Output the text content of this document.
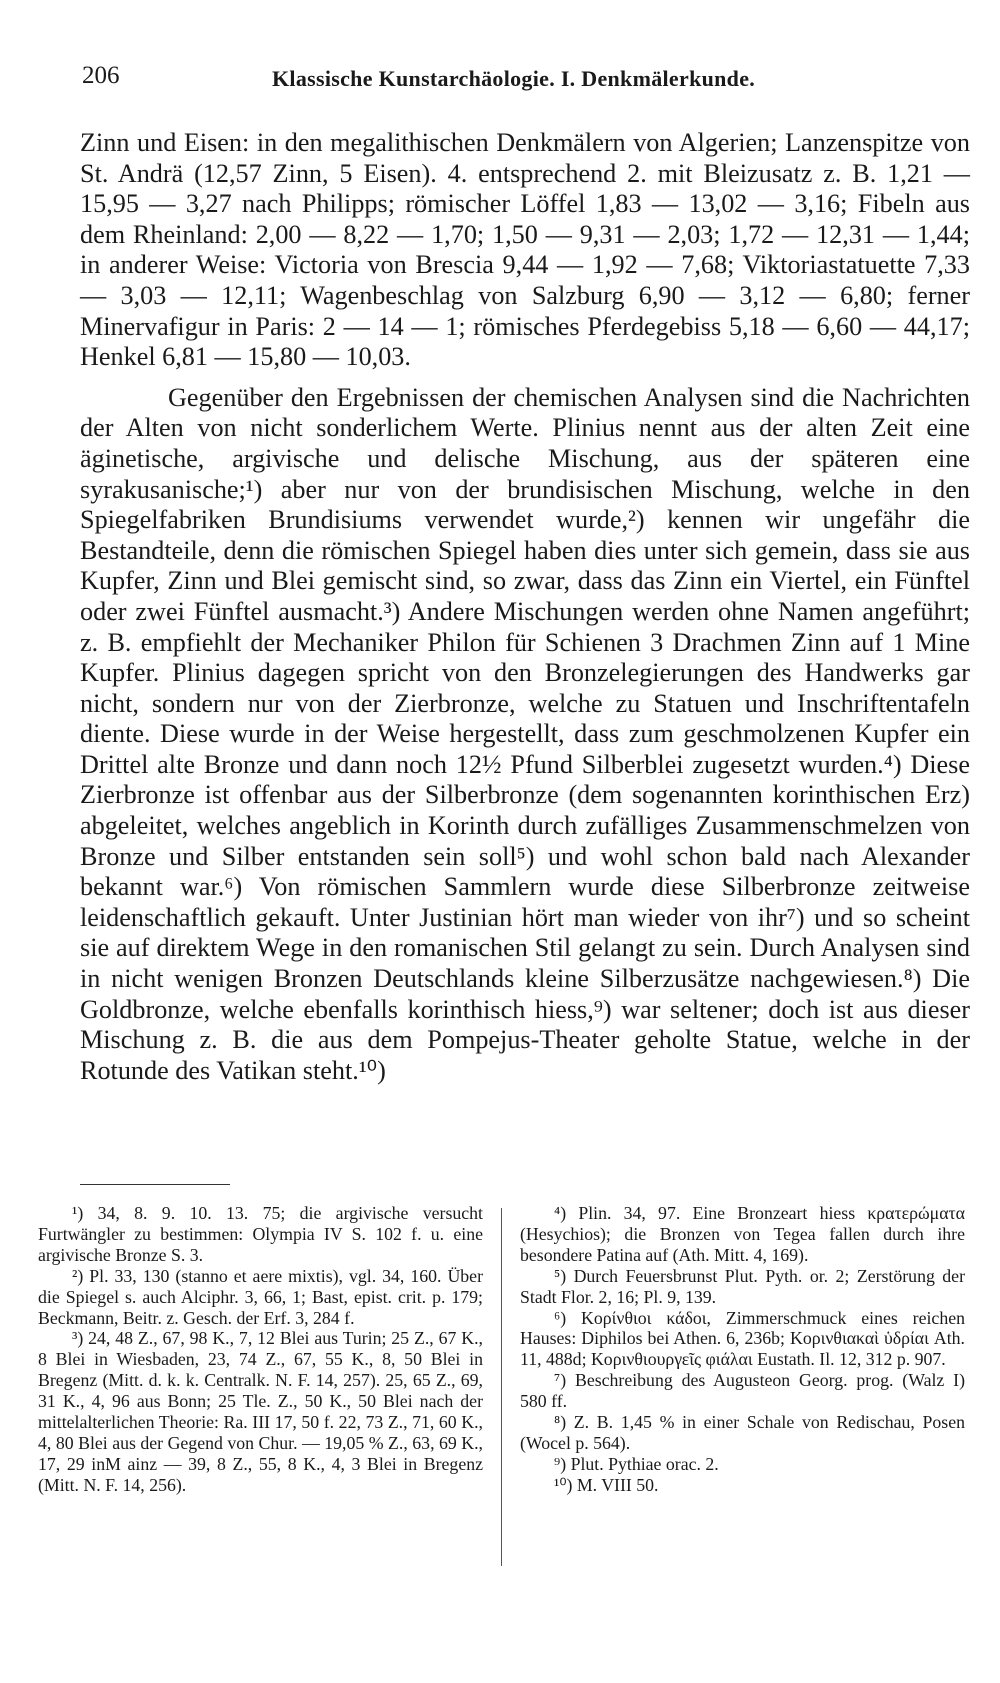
206	Klassische Kunstarchäologie. I. Denkmälerkunde.

Zinn und Eisen: in den megalithischen Denkmälern von Algerien; Lanzenspitze von St. Andrä (12,57 Zinn, 5 Eisen). 4. entsprechend 2. mit Bleizusatz z. B. 1,21 — 15,95 — 3,27 nach Philipps; römischer Löffel 1,83 — 13,02 — 3,16; Fibeln aus dem Rheinland: 2,00 — 8,22 — 1,70; 1,50 — 9,31 — 2,03; 1,72 — 12,31 — 1,44; in anderer Weise: Victoria von Brescia 9,44 — 1,92 — 7,68; Viktoriastatuette 7,33 — 3,03 — 12,11; Wagenbeschlag von Salzburg 6,90 — 3,12 — 6,80; ferner Minervafigur in Paris: 2 — 14 — 1; römisches Pferdegebiss 5,18 — 6,60 — 44,17; Henkel 6,81 — 15,80 — 10,03.

Gegenüber den Ergebnissen der chemischen Analysen sind die Nachrichten der Alten von nicht sonderlichem Werte. Plinius nennt aus der alten Zeit eine äginetische, argivische und delische Mischung, aus der späteren eine syrakusanische;¹) aber nur von der brundisischen Mischung, welche in den Spiegelfabriken Brundisiums verwendet wurde,²) kennen wir ungefähr die Bestandteile, denn die römischen Spiegel haben dies unter sich gemein, dass sie aus Kupfer, Zinn und Blei gemischt sind, so zwar, dass das Zinn ein Viertel, ein Fünftel oder zwei Fünftel ausmacht.³) Andere Mischungen werden ohne Namen angeführt; z. B. empfiehlt der Mechaniker Philon für Schienen 3 Drachmen Zinn auf 1 Mine Kupfer. Plinius dagegen spricht von den Bronzelegierungen des Handwerks gar nicht, sondern nur von der Zierbronze, welche zu Statuen und Inschriftentafeln diente. Diese wurde in der Weise hergestellt, dass zum geschmolzenen Kupfer ein Drittel alte Bronze und dann noch 12½ Pfund Silberblei zugesetzt wurden.⁴) Diese Zierbronze ist offenbar aus der Silberbronze (dem sogenannten korinthischen Erz) abgeleitet, welches angeblich in Korinth durch zufälliges Zusammenschmelzen von Bronze und Silber entstanden sein soll⁵) und wohl schon bald nach Alexander bekannt war.⁶) Von römischen Sammlern wurde diese Silberbronze zeitweise leidenschaftlich gekauft. Unter Justinian hört man wieder von ihr⁷) und so scheint sie auf direktem Wege in den romanischen Stil gelangt zu sein. Durch Analysen sind in nicht wenigen Bronzen Deutschlands kleine Silberzusätze nachgewiesen.⁸) Die Goldbronze, welche ebenfalls korinthisch hiess,⁹) war seltener; doch ist aus dieser Mischung z. B. die aus dem Pompejus-Theater geholte Statue, welche in der Rotunde des Vatikan steht.¹⁰)

¹) 34, 8. 9. 10. 13. 75; die argivische versucht Furtwängler zu bestimmen: Olympia IV S. 102 f. u. eine argivische Bronze S. 3.

²) Pl. 33, 130 (stanno et aere mixtis), vgl. 34, 160. Über die Spiegel s. auch Alciphr. 3, 66, 1; Bast, epist. crit. p. 179; Beckmann, Beitr. z. Gesch. der Erf. 3, 284 f.

³) 24, 48 Z., 67, 98 K., 7, 12 Blei aus Turin; 25 Z., 67 K., 8 Blei in Wiesbaden, 23, 74 Z., 67, 55 K., 8, 50 Blei in Bregenz (Mitt. d. k. k. Centralk. N. F. 14, 257). 25, 65 Z., 69, 31 K., 4, 96 aus Bonn; 25 Tle. Z., 50 K., 50 Blei nach der mittelalterlichen Theorie: Ra. III 17, 50 f. 22, 73 Z., 71, 60 K., 4, 80 Blei aus der Gegend von Chur. — 19,05 % Z., 63, 69 K., 17, 29 inM ainz — 39, 8 Z., 55, 8 K., 4, 3 Blei in Bregenz (Mitt. N. F. 14, 256).

⁴) Plin. 34, 97. Eine Bronzeart hiess κρατερώματα (Hesychios); die Bronzen von Tegea fallen durch ihre besondere Patina auf (Ath. Mitt. 4, 169).

⁵) Durch Feuersbrunst Plut. Pyth. or. 2; Zerstörung der Stadt Flor. 2, 16; Pl. 9, 139.

⁶) Κορίνθιοι κάδοι, Zimmerschmuck eines reichen Hauses: Diphilos bei Athen. 6, 236b; Κορινθιακαὶ ὑδρίαι Ath. 11, 488d; Κορινθιουργεῖς φιάλαι Eustath. Il. 12, 312 p. 907.

⁷) Beschreibung des Augusteon Georg. prog. (Walz I) 580 ff.

⁸) Z. B. 1,45 % in einer Schale von Redischau, Posen (Wocel p. 564).

⁹) Plut. Pythiae orac. 2.

¹⁰) M. VIII 50.
